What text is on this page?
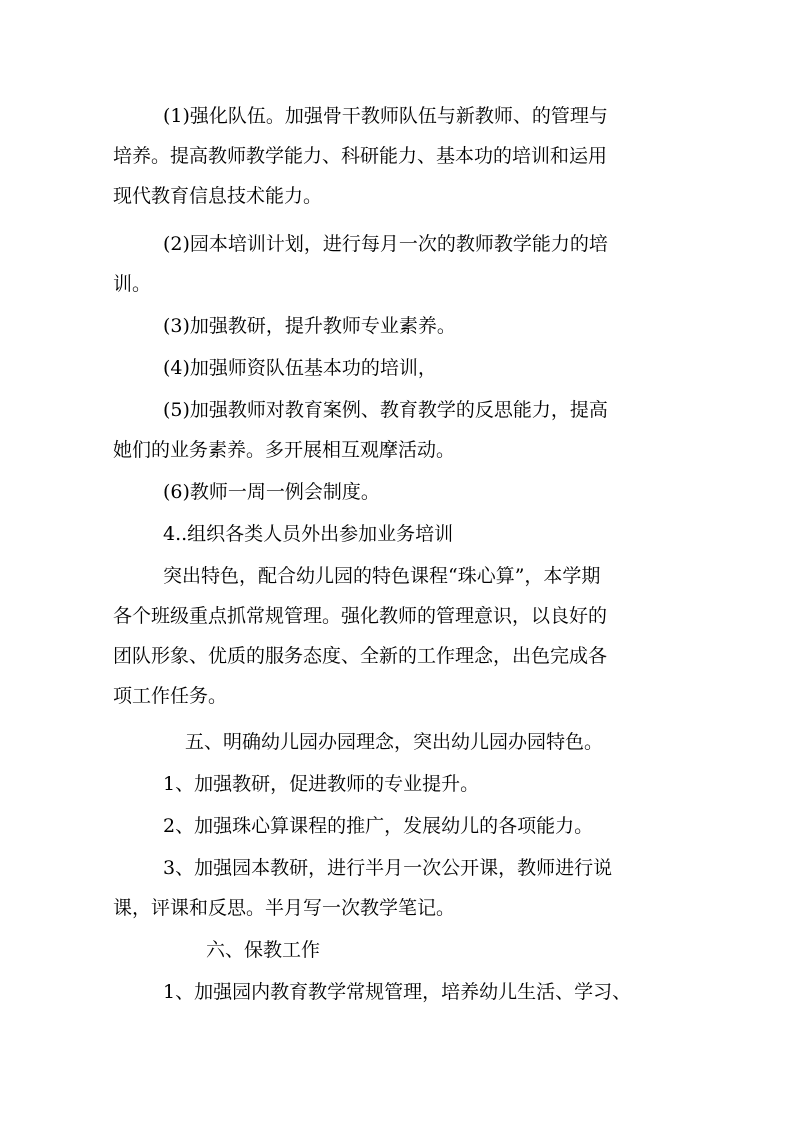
(1)强化队伍。加强骨干教师队伍与新教师、的管理与
培养。提高教师教学能力、科研能力、基本功的培训和运用
现代教育信息技术能力。
(2)园本培训计划，进行每月一次的教师教学能力的培
训。
(3)加强教研，提升教师专业素养。
(4)加强师资队伍基本功的培训，
(5)加强教师对教育案例、教育教学的反思能力，提高
她们的业务素养。多开展相互观摩活动。
(6)教师一周一例会制度。
4..组织各类人员外出参加业务培训
突出特色，配合幼儿园的特色课程“珠心算”，本学期
各个班级重点抓常规管理。强化教师的管理意识，以良好的
团队形象、优质的服务态度、全新的工作理念，出色完成各
项工作任务。
五、明确幼儿园办园理念，突出幼儿园办园特色。
1、加强教研，促进教师的专业提升。
2、加强珠心算课程的推广，发展幼儿的各项能力。
3、加强园本教研，进行半月一次公开课，教师进行说
课，评课和反思。半月写一次教学笔记。
六、保教工作
1、加强园内教育教学常规管理，培养幼儿生活、学习、
